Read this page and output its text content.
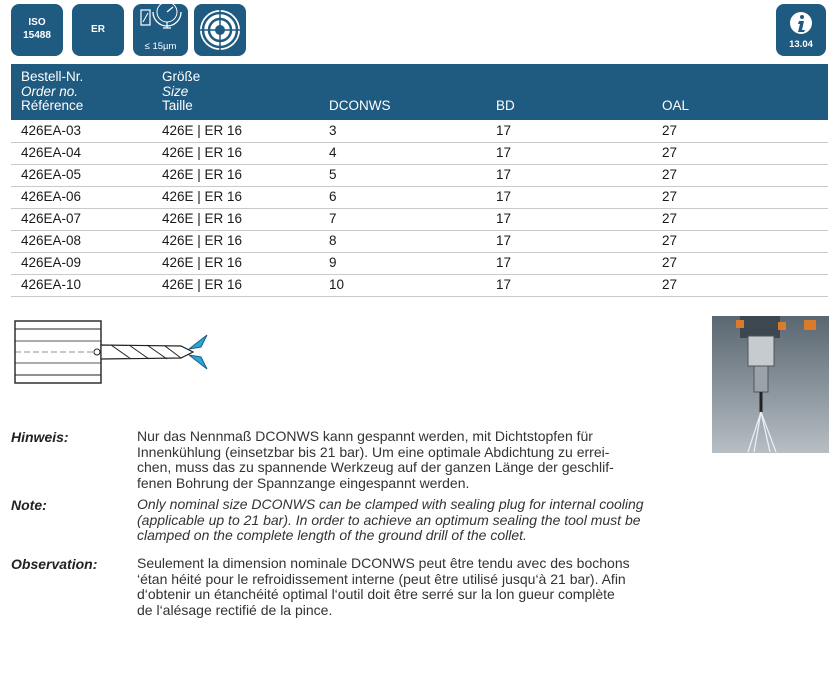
ISO
15488
ER
≤ 15µm	13.04
Bestell-Nr.
Order no.
Référence
Größe
Size
Taille	DCONWS	BD	OAL
426EA-03	426E | ER 16	3	17	27
426EA-04	426E | ER 16	4	17	27
426EA-05	426E | ER 16	5	17	27
426EA-06	426E | ER 16	6	17	27
426EA-07	426E | ER 16	7	17	27
426EA-08	426E | ER 16	8	17	27
426EA-09	426E | ER 16	9	17	27
426EA-10	426E | ER 16	10	17	27
Hinweis:	Nur das Nennmaß DCONWS kann gespannt werden, mit Dichtstopfen für
Innenkühlung (einsetzbar bis 21 bar). Um eine optimale Abdichtung zu errei-
chen, muss das zu spannende Werkzeug auf der ganzen Länge der geschlif-
fenen Bohrung der Spannzange eingespannt werden.
Note:	Only nominal size DCONWS can be clamped with sealing plug for internal cooling
(applicable up to 21 bar). In order to achieve an optimum sealing the tool must be
clamped on the complete length of the ground drill of the collet.
Observation:	Seulement la dimension nominale DCONWS peut être tendu avec des bochons
‘étan héité pour le refroidissement interne (peut être utilisé jusqu‘à 21 bar). Afin
d‘obtenir un étanchéité optimal l‘outil doit être serré sur la lon gueur complète
de l‘alésage rectifié de la pince.
